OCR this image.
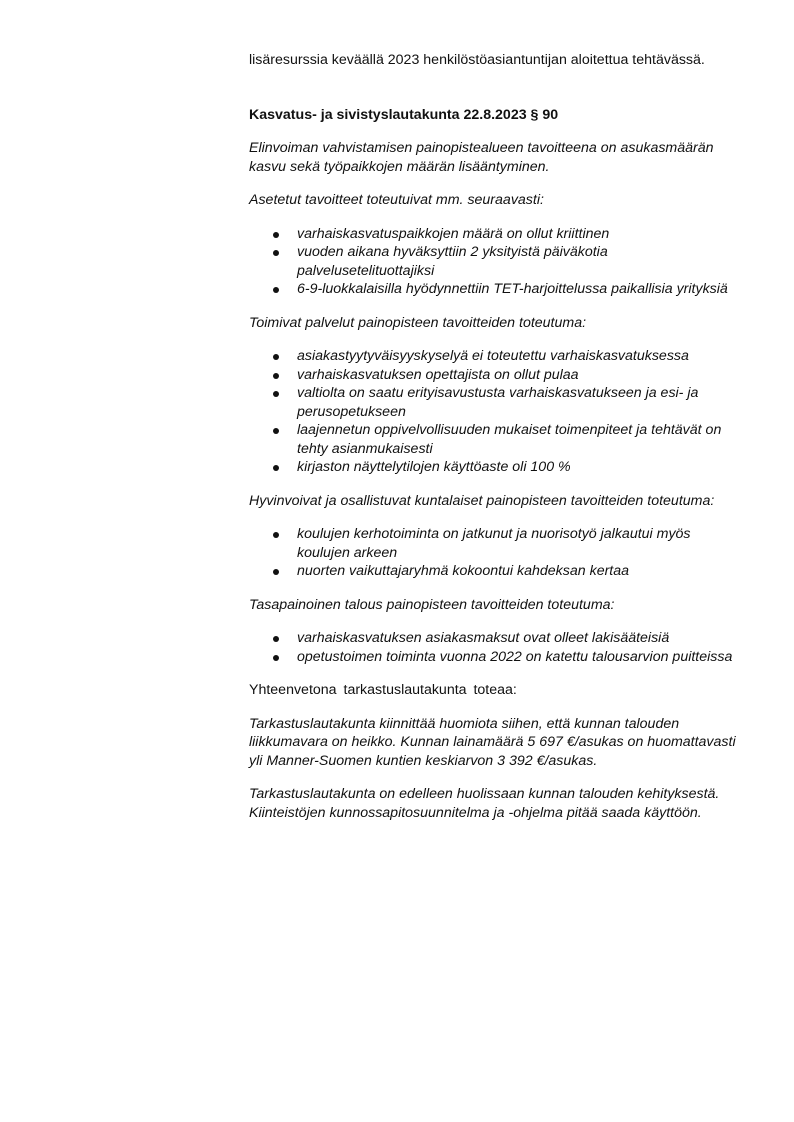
lisäresurssia keväällä 2023 henkilöstöasiantuntijan aloitettua tehtävässä.

Kasvatus- ja sivistyslautakunta 22.8.2023 § 90

Elinvoiman vahvistamisen painopistealueen tavoitteena on asukasmäärän kasvu sekä työpaikkojen määrän lisääntyminen.

Asetetut tavoitteet toteutuivat mm. seuraavasti:

varhaiskasvatuspaikkojen määrä on ollut kriittinen
vuoden aikana hyväksyttiin 2 yksityistä päiväkotia palvelusetelituottajiksi
6-9-luokkalaisilla hyödynnettiin TET-harjoittelussa paikallisia yrityksiä

Toimivat palvelut painopisteen tavoitteiden toteutuma:

asiakastyytyväisyyskyselyä ei toteutettu varhaiskasvatuksessa
varhaiskasvatuksen opettajista on ollut pulaa
valtiolta on saatu erityisavustusta varhaiskasvatukseen ja esi- ja perusopetukseen
laajennetun oppivelvollisuuden mukaiset toimenpiteet ja tehtävät on tehty asianmukaisesti
kirjaston näyttelytilojen käyttöaste oli 100 %

Hyvinvoivat ja osallistuvat kuntalaiset painopisteen tavoitteiden toteutuma:

koulujen kerhotoiminta on jatkunut ja nuorisotyö jalkautui myös koulujen arkeen
nuorten vaikuttajaryhmä kokoontui kahdeksan kertaa

Tasapainoinen talous painopisteen tavoitteiden toteutuma:

varhaiskasvatuksen asiakasmaksut ovat olleet lakisääteisiä
opetustoimen toiminta vuonna 2022 on katettu talousarvion puitteissa

Yhteenvetona tarkastuslautakunta toteaa:

Tarkastuslautakunta kiinnittää huomiota siihen, että kunnan talouden liikkumavara on heikko. Kunnan lainamäärä 5 697 €/asukas on huomattavasti yli Manner-Suomen kuntien keskiarvon 3 392 €/asukas.

Tarkastuslautakunta on edelleen huolissaan kunnan talouden kehityksestä. Kiinteistöjen kunnossapitosuunnitelma ja -ohjelma pitää saada käyttöön.
